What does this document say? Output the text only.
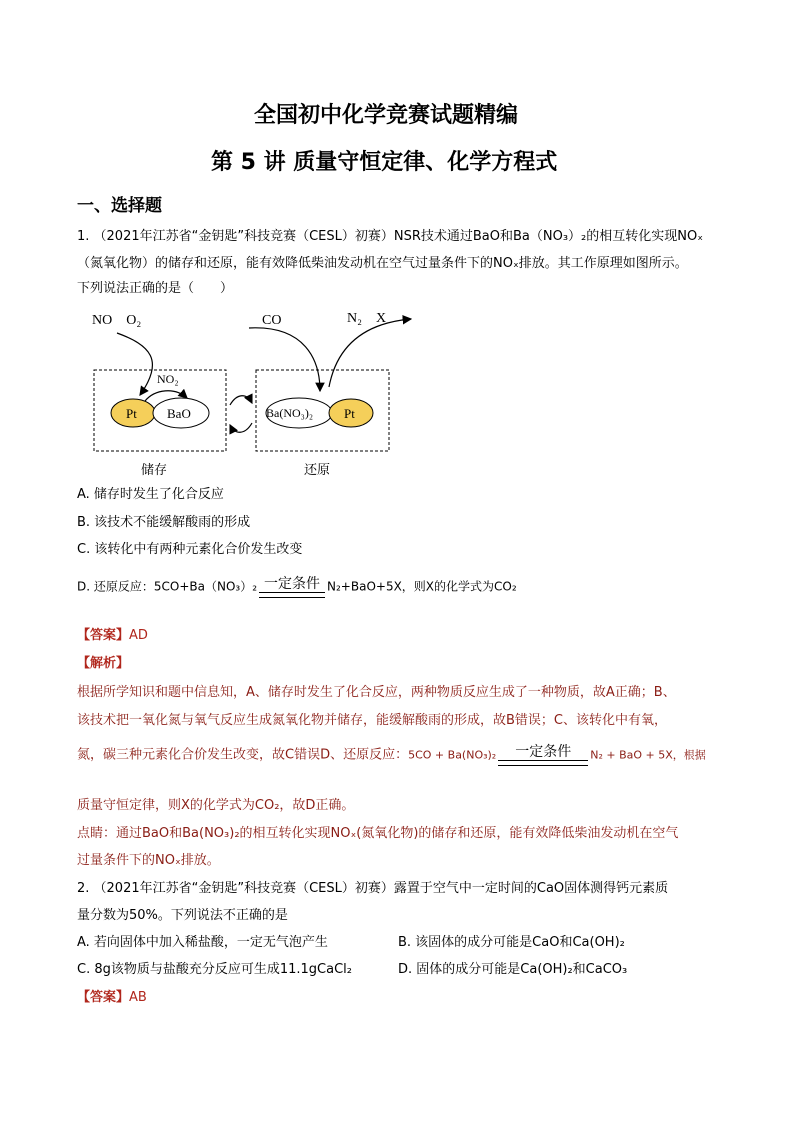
全国初中化学竞赛试题精编
第 5 讲 质量守恒定律、化学方程式
一、选择题
1. （2021年江苏省“金钥匙”科技竞赛（CESL）初赛）NSR技术通过BaO和Ba（NO₃）₂的相互转化实现NOₓ
（氮氧化物）的储存和还原，能有效降低柴油发动机在空气过量条件下的NOₓ排放。其工作原理如图所示。
下列说法正确的是（　　）
NO　O₂
NO₂
Pt BaO
CO	N₂　X
Ba(NO₃)₂ Pt
储存	还原
A. 储存时发生了化合反应
B. 该技术不能缓解酸雨的形成
C. 该转化中有两种元素化合价发生改变
D. 还原反应：5CO+Ba（NO₃）₂ 一定条件 N₂+BaO+5X，则X的化学式为CO₂
【答案】AD
【解析】
根据所学知识和题中信息知，A、储存时发生了化合反应，两种物质反应生成了一种物质，故A正确；B、
该技术把一氧化氮与氧气反应生成氮氧化物并储存，能缓解酸雨的形成，故B错误；C、该转化中有氧，
氮，碳三种元素化合价发生改变，故C错误D、还原反应：5CO + Ba(NO₃)₂	一定条件	N₂ + BaO + 5X，根据
质量守恒定律，则X的化学式为CO₂，故D正确。
点睛：通过BaO和Ba(NO₃)₂的相互转化实现NOₓ(氮氧化物)的储存和还原，能有效降低柴油发动机在空气
过量条件下的NOₓ排放。
2. （2021年江苏省“金钥匙”科技竞赛（CESL）初赛）露置于空气中一定时间的CaO固体测得钙元素质
量分数为50%。下列说法不正确的是
A. 若向固体中加入稀盐酸，一定无气泡产生	B. 该固体的成分可能是CaO和Ca(OH)₂
C. 8g该物质与盐酸充分反应可生成11.1gCaCl₂	D. 固体的成分可能是Ca(OH)₂和CaCO₃
【答案】AB
